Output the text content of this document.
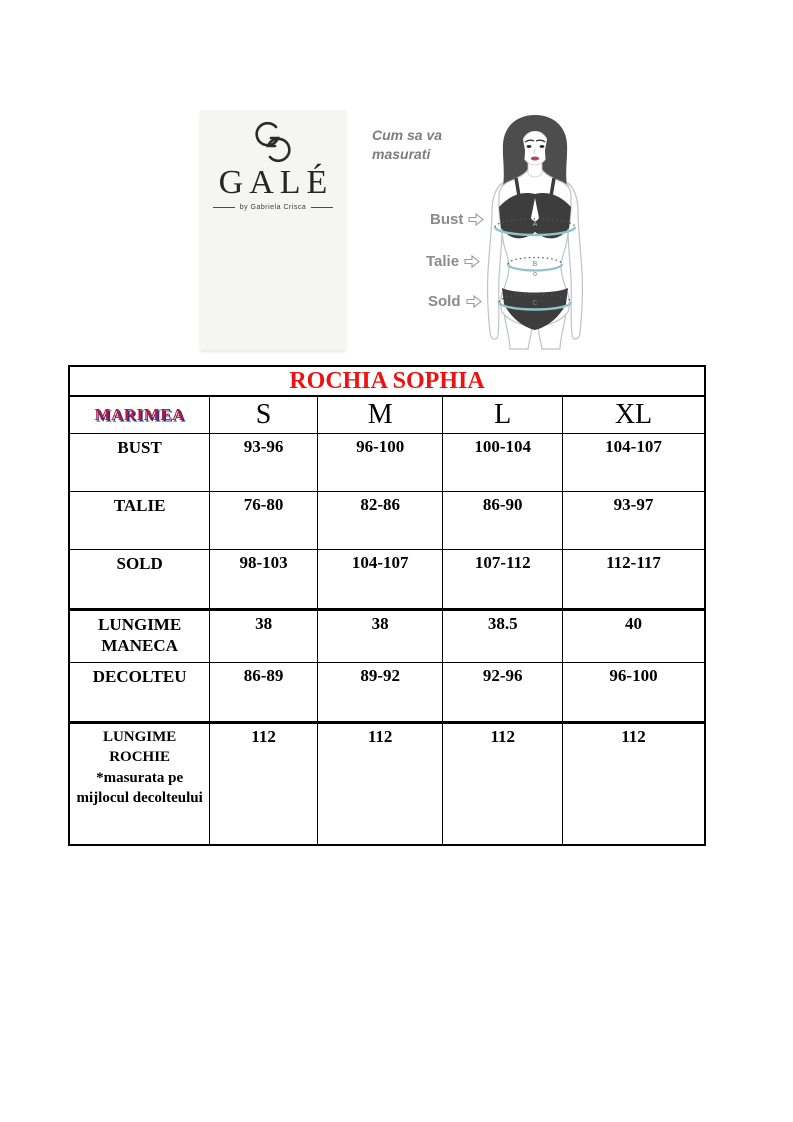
GALÉ
by Gabriela Crisca
Cum sa va masurati
Bust
Talie
Sold
A
B
C
ROCHIA SOPHIA				
MARIMEA	S	M	L	XL
BUST	93-96	96-100	100-104	104-107
TALIE	76-80	82-86	86-90	93-97
SOLD	98-103	104-107	107-112	112-117
LUNGIME MANECA	38	38	38.5	40
DECOLTEU	86-89	89-92	92-96	96-100
LUNGIME ROCHIE
*masurata pe mijlocul decolteului	112	112	112	112
